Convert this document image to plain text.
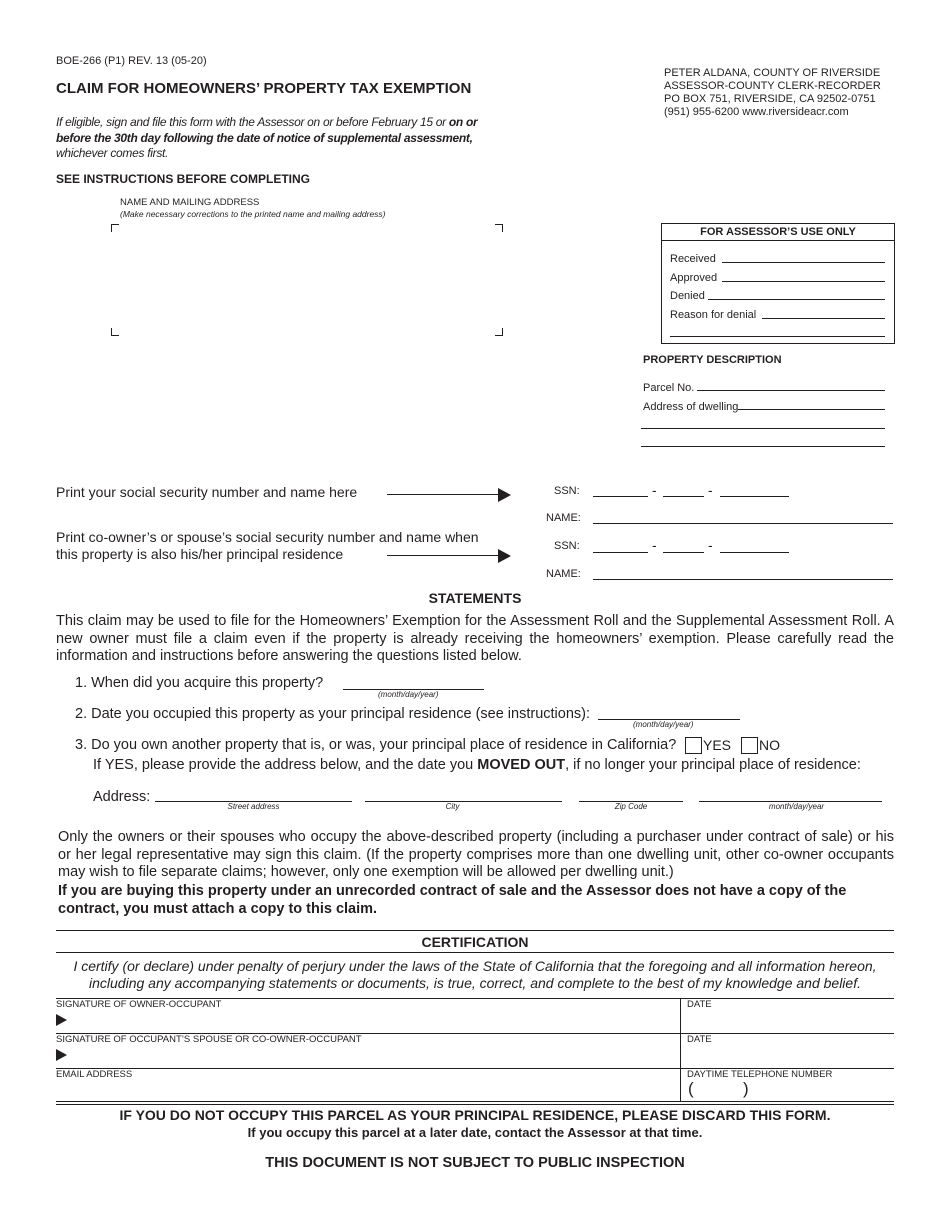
BOE-266 (P1) REV. 13 (05-20)
CLAIM FOR HOMEOWNERS’ PROPERTY TAX EXEMPTION
If eligible, sign and file this form with the Assessor on or before February 15 or on or before the 30th day following the date of notice of supplemental assessment, whichever comes first.
SEE INSTRUCTIONS BEFORE COMPLETING
PETER ALDANA, COUNTY OF RIVERSIDE
ASSESSOR-COUNTY CLERK-RECORDER
PO BOX 751, RIVERSIDE, CA 92502-0751
(951) 955-6200 www.riversideacr.com
NAME AND MAILING ADDRESS
(Make necessary corrections to the printed name and mailing address)
FOR ASSESSOR’S USE ONLY
Received
Approved
Denied
Reason for denial
PROPERTY DESCRIPTION
Parcel No.
Address of dwelling
Print your social security number and name here	SSN:	-	-
NAME:
Print co-owner’s or spouse’s social security number and name when
this property is also his/her principal residence	SSN:	-	-
NAME:
STATEMENTS
This claim may be used to file for the Homeowners’ Exemption for the Assessment Roll and the Supplemental Assessment Roll. A new owner must file a claim even if the property is already receiving the homeowners’ exemption. Please carefully read the information and instructions before answering the questions listed below.
1. When did you acquire this property?
(month/day/year)
2. Date you occupied this property as your principal residence (see instructions):
(month/day/year)
3. Do you own another property that is, or was, your principal place of residence in California? YES NO
If YES, please provide the address below, and the date you MOVED OUT, if no longer your principal place of residence:
Address:
Street address	City	Zip Code	month/day/year
Only the owners or their spouses who occupy the above-described property (including a purchaser under contract of sale) or his or her legal representative may sign this claim. (If the property comprises more than one dwelling unit, other co-owner occupants may wish to file separate claims; however, only one exemption will be allowed per dwelling unit.)
If you are buying this property under an unrecorded contract of sale and the Assessor does not have a copy of the contract, you must attach a copy to this claim.
CERTIFICATION
I certify (or declare) under penalty of perjury under the laws of the State of California that the foregoing and all information hereon, including any accompanying statements or documents, is true, correct, and complete to the best of my knowledge and belief.
SIGNATURE OF OWNER-OCCUPANT	DATE
SIGNATURE OF OCCUPANT’S SPOUSE OR CO-OWNER-OCCUPANT	DATE
EMAIL ADDRESS	DAYTIME TELEPHONE NUMBER
(	)
IF YOU DO NOT OCCUPY THIS PARCEL AS YOUR PRINCIPAL RESIDENCE, PLEASE DISCARD THIS FORM.
If you occupy this parcel at a later date, contact the Assessor at that time.
THIS DOCUMENT IS NOT SUBJECT TO PUBLIC INSPECTION
